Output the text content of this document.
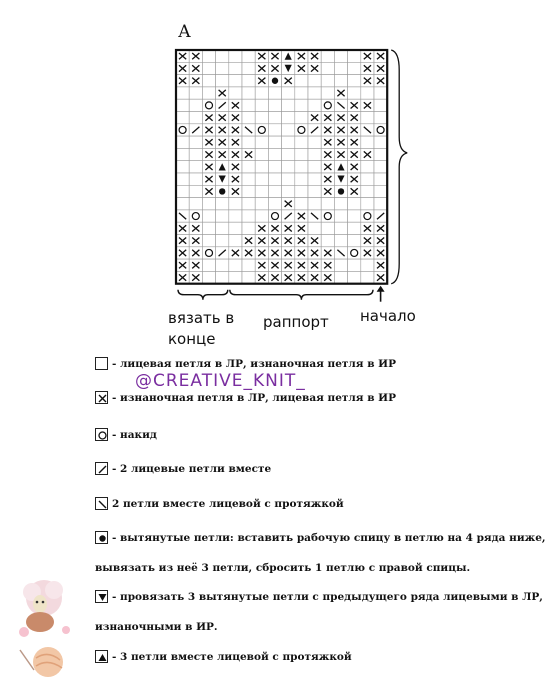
А
вязать в конце
раппорт начало
@CREATIVE_KNIT_
- лицевая петля в ЛР, изнаночная петля в ИР
- изнаночная петля в ЛР, лицевая петля в ИР
- накид
- 2 лицевые петли вместе
2 петли вместе лицевой с протяжкой
- вытянутые петли: вставить рабочую спицу в петлю на 4 ряда ниже,
вывязать из неё 3 петли, сбросить 1 петлю с правой спицы.
- провязать 3 вытянутые петли с предыдущего ряда лицевыми в ЛР,
изнаночными в ИР.
- 3 петли вместе лицевой с протяжкой
